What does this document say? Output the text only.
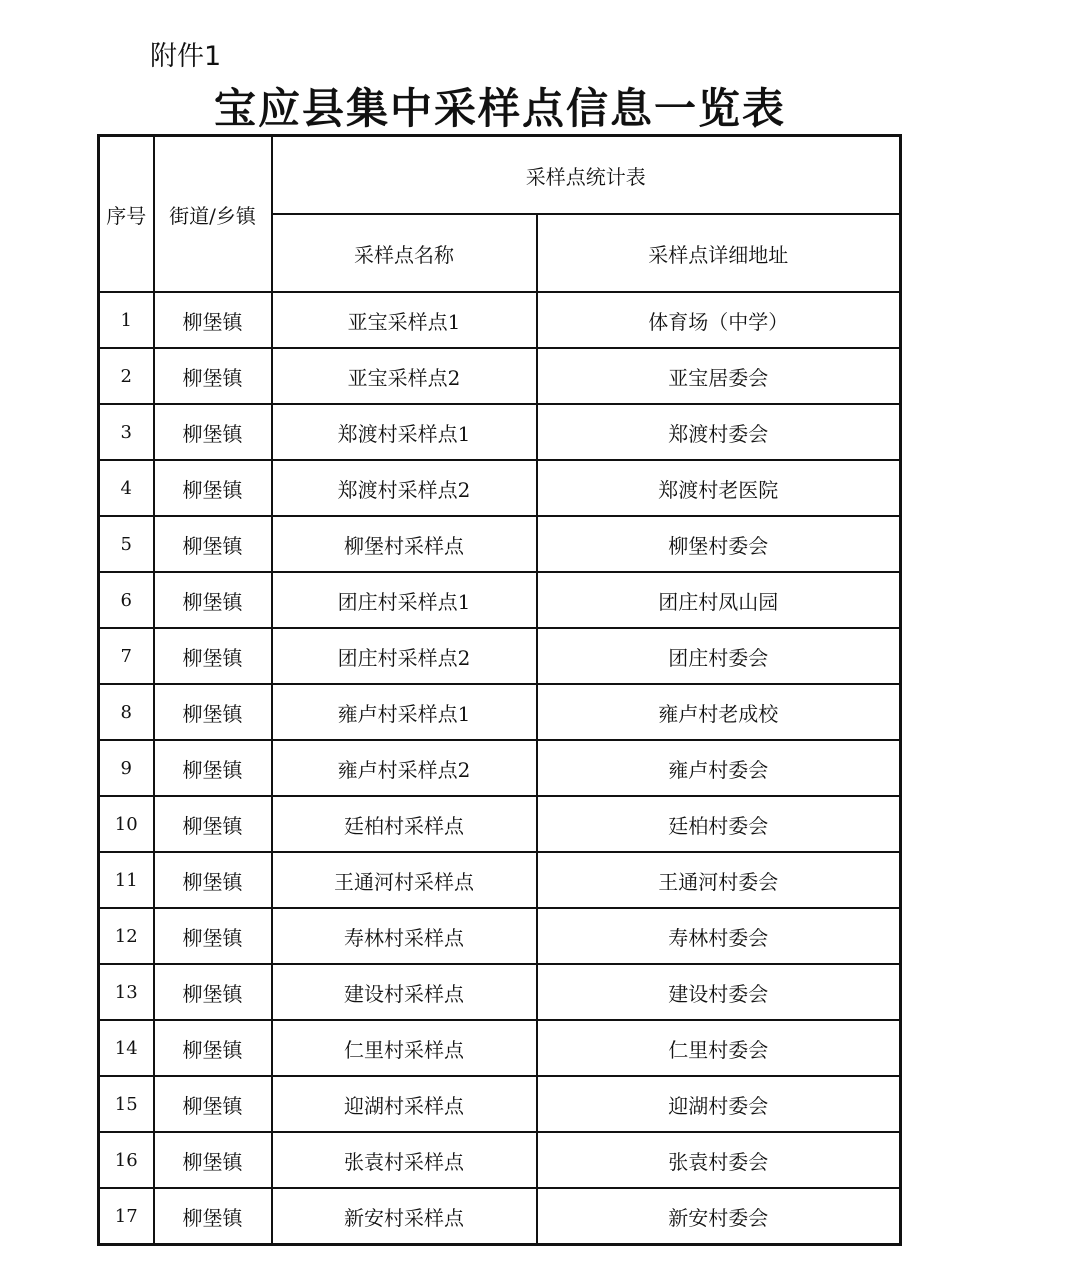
附件1
宝应县集中采样点信息一览表
序号	街道/乡镇	采样点统计表	
		采样点名称	采样点详细地址
1	柳堡镇	亚宝采样点1	体育场（中学）
2	柳堡镇	亚宝采样点2	亚宝居委会
3	柳堡镇	郑渡村采样点1	郑渡村委会
4	柳堡镇	郑渡村采样点2	郑渡村老医院
5	柳堡镇	柳堡村采样点	柳堡村委会
6	柳堡镇	团庄村采样点1	团庄村凤山园
7	柳堡镇	团庄村采样点2	团庄村委会
8	柳堡镇	雍卢村采样点1	雍卢村老成校
9	柳堡镇	雍卢村采样点2	雍卢村委会
10	柳堡镇	廷柏村采样点	廷柏村委会
11	柳堡镇	王通河村采样点	王通河村委会
12	柳堡镇	寿林村采样点	寿林村委会
13	柳堡镇	建设村采样点	建设村委会
14	柳堡镇	仁里村采样点	仁里村委会
15	柳堡镇	迎湖村采样点	迎湖村委会
16	柳堡镇	张袁村采样点	张袁村委会
17	柳堡镇	新安村采样点	新安村委会
